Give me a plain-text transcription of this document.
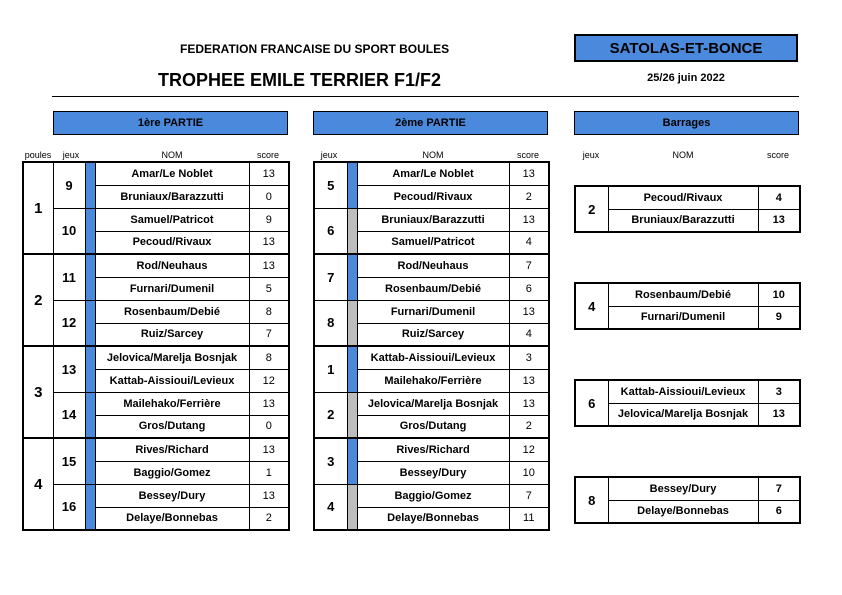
FEDERATION FRANCAISE DU SPORT BOULES
TROPHEE EMILE TERRIER F1/F2
SATOLAS-ET-BONCE
25/26 juin 2022
1ère PARTIE	2ème PARTIE	Barrages
poules	jeux	NOM	score	jeux	NOM	score	jeux	NOM	score
1	9		Amar/Le Noblet	13
			Bruniaux/Barazzutti	0
	10		Samuel/Patricot	9
			Pecoud/Rivaux	13
2	11		Rod/Neuhaus	13
			Furnari/Dumenil	5
	12		Rosenbaum/Debié	8
			Ruiz/Sarcey	7
3	13		Jelovica/Marelja Bosnjak	8
			Kattab-Aissioui/Levieux	12
	14		Mailehako/Ferrière	13
			Gros/Dutang	0
4	15		Rives/Richard	13
			Baggio/Gomez	1
	16		Bessey/Dury	13
			Delaye/Bonnebas	2
5		Amar/Le Noblet	13
		Pecoud/Rivaux	2
6		Bruniaux/Barazzutti	13
		Samuel/Patricot	4
7		Rod/Neuhaus	7
		Rosenbaum/Debié	6
8		Furnari/Dumenil	13
		Ruiz/Sarcey	4
1		Kattab-Aissioui/Levieux	3
		Mailehako/Ferrière	13
2		Jelovica/Marelja Bosnjak	13
		Gros/Dutang	2
3		Rives/Richard	12
		Bessey/Dury	10
4		Baggio/Gomez	7
		Delaye/Bonnebas	11
2	Pecoud/Rivaux	4
	Bruniaux/Barazzutti	13
4	Rosenbaum/Debié	10
	Furnari/Dumenil	9
6	Kattab-Aissioui/Levieux	3
	Jelovica/Marelja Bosnjak	13
8	Bessey/Dury	7
	Delaye/Bonnebas	6
